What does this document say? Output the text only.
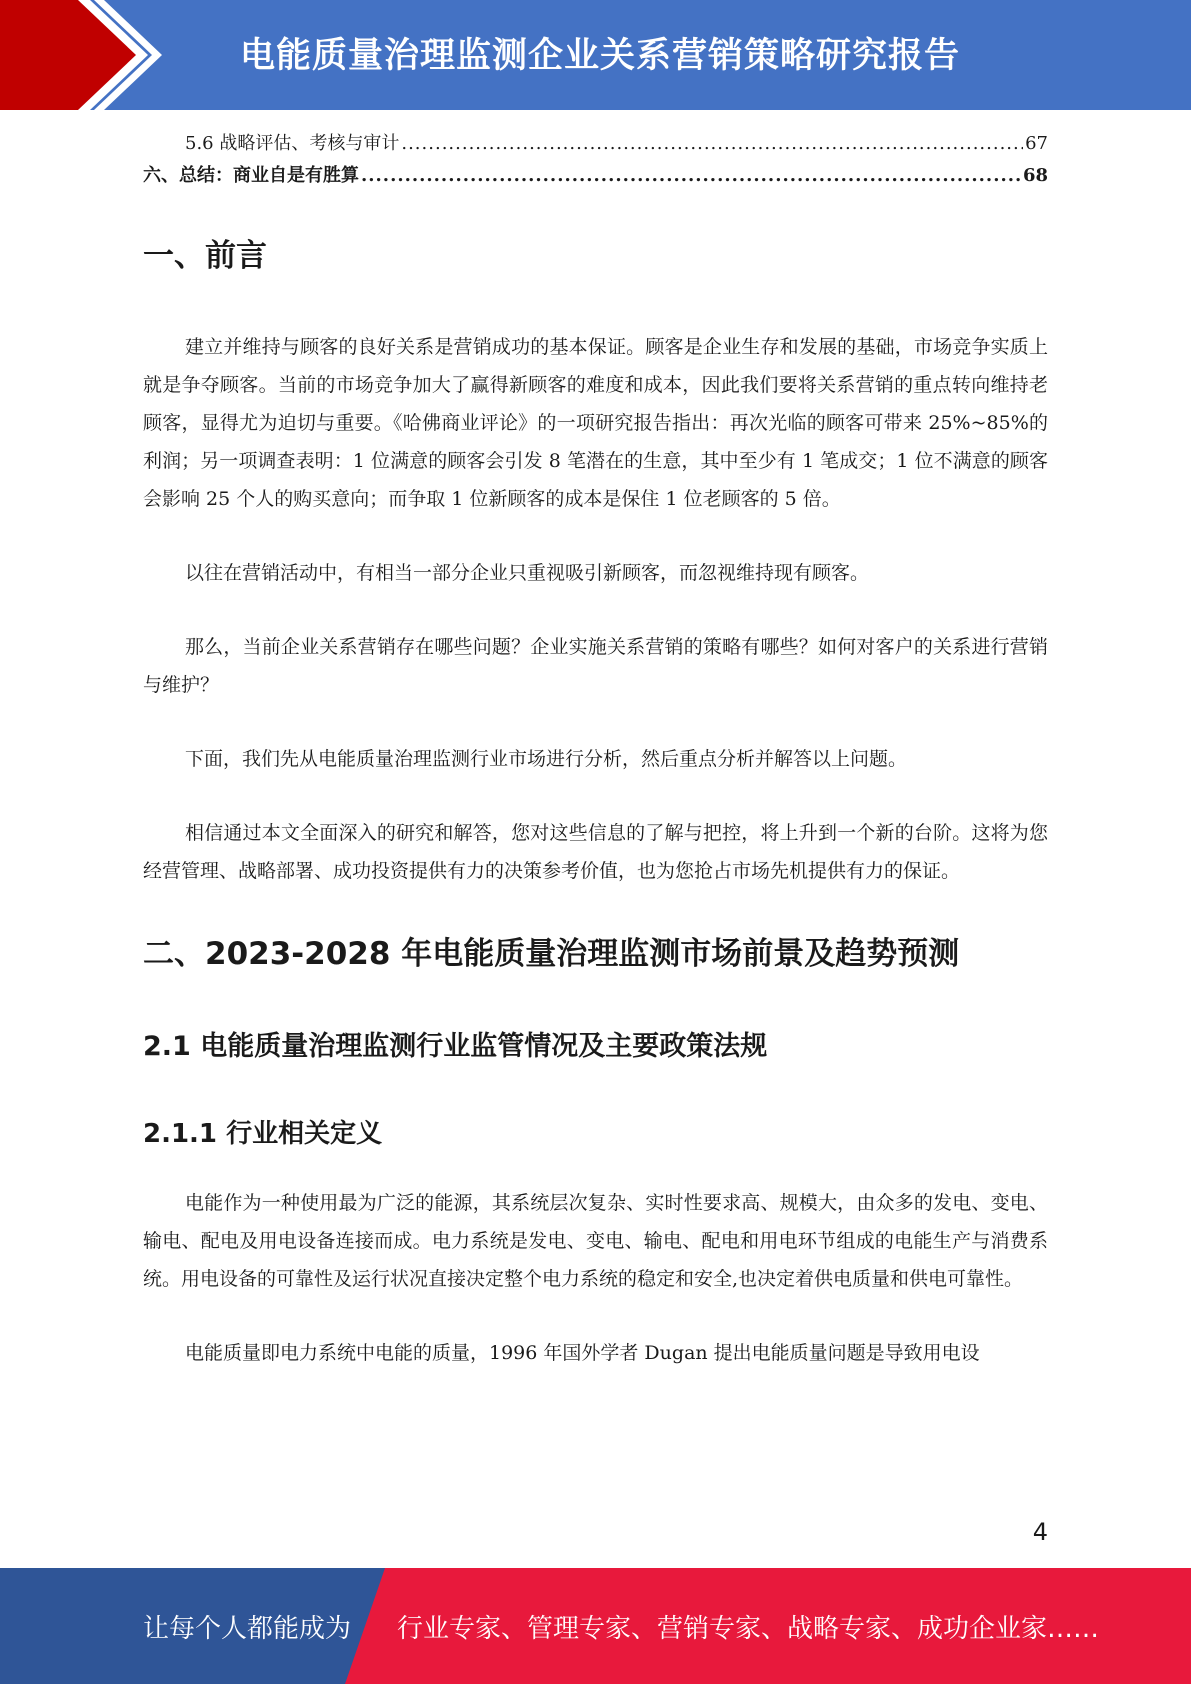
电能质量治理监测企业关系营销策略研究报告
5.6 战略评估、考核与审计 .....	67
六、总结：商业自是有胜算 .....	68
一、前言

建立并维持与顾客的良好关系是营销成功的基本保证。顾客是企业生存和发展的基础，市场竞争实质上就是争夺顾客。当前的市场竞争加大了赢得新顾客的难度和成本，因此我们要将关系营销的重点转向维持老顾客，显得尤为迫切与重要。《哈佛商业评论》的一项研究报告指出：再次光临的顾客可带来 25%~85%的利润；另一项调查表明：1 位满意的顾客会引发 8 笔潜在的生意，其中至少有 1 笔成交；1 位不满意的顾客会影响 25 个人的购买意向；而争取 1 位新顾客的成本是保住 1 位老顾客的 5 倍。

以往在营销活动中，有相当一部分企业只重视吸引新顾客，而忽视维持现有顾客。

那么，当前企业关系营销存在哪些问题？企业实施关系营销的策略有哪些？如何对客户的关系进行营销与维护？

下面，我们先从电能质量治理监测行业市场进行分析，然后重点分析并解答以上问题。

相信通过本文全面深入的研究和解答，您对这些信息的了解与把控，将上升到一个新的台阶。这将为您经营管理、战略部署、成功投资提供有力的决策参考价值，也为您抢占市场先机提供有力的保证。

二、2023-2028 年电能质量治理监测市场前景及趋势预测
2.1 电能质量治理监测行业监管情况及主要政策法规
2.1.1 行业相关定义

电能作为一种使用最为广泛的能源，其系统层次复杂、实时性要求高、规模大，由众多的发电、变电、输电、配电及用电设备连接而成。电力系统是发电、变电、输电、配电和用电环节组成的电能生产与消费系统。用电设备的可靠性及运行状况直接决定整个电力系统的稳定和安全,也决定着供电质量和供电可靠性。

电能质量即电力系统中电能的质量，1996 年国外学者 Dugan 提出电能质量问题是导致用电设

4
让每个人都能成为 行业专家、管理专家、营销专家、战略专家、成功企业家……
